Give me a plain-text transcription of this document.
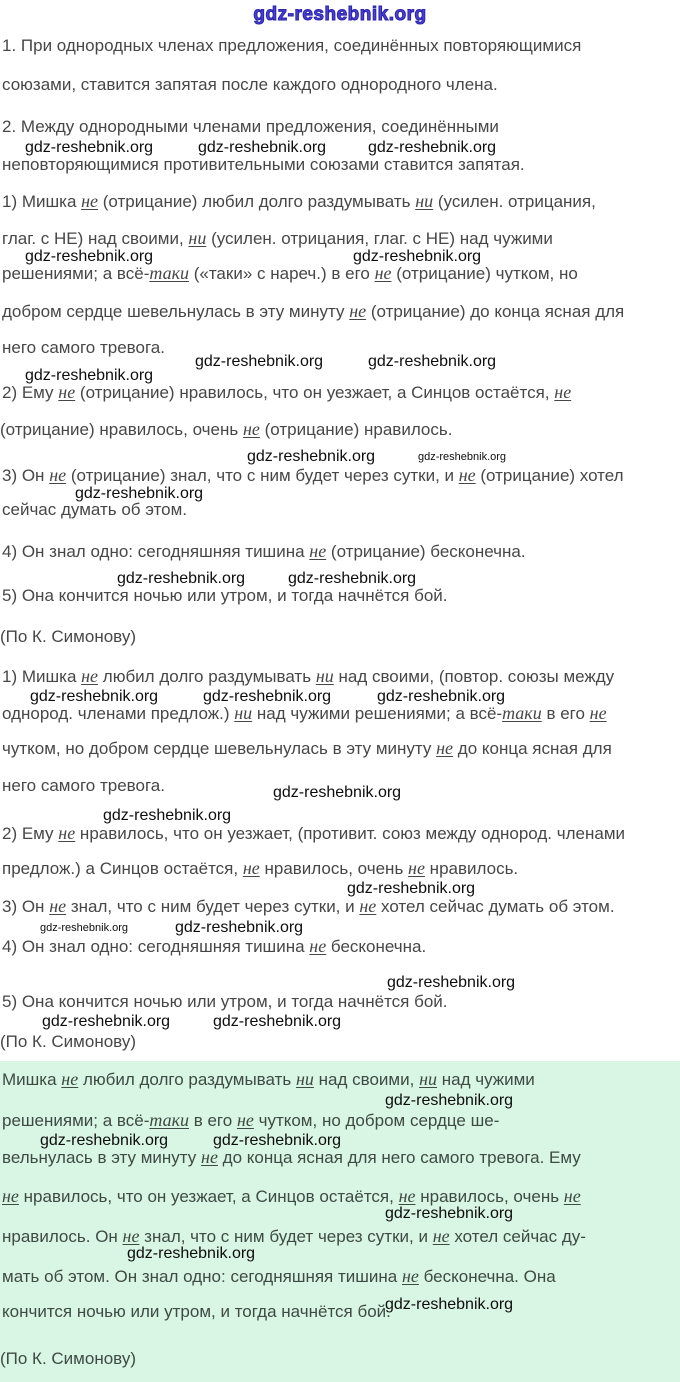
gdz-reshebnik.org
1. При однородных членах предложения, соединённых повторяющимися
союзами, ставится запятая после каждого однородного члена.
2. Между однородными членами предложения, соединёнными
gdz-reshebnik.org	gdz-reshebnik.org	gdz-reshebnik.org
неповторяющимися противительными союзами ставится запятая.
1) Мишка не (отрицание) любил долго раздумывать ни (усилен. отрицания,
глаг. с НЕ) над своими, ни (усилен. отрицания, глаг. с НЕ) над чужими
gdz-reshebnik.org	gdz-reshebnik.org
решениями; а всё-таки («таки» с нареч.) в его не (отрицание) чутком, но
добром сердце шевельнулась в эту минуту не (отрицание) до конца ясная для
него самого тревога.
gdz-reshebnik.org	gdz-reshebnik.org
gdz-reshebnik.org
2) Ему не (отрицание) нравилось, что он уезжает, а Синцов остаётся, не
(отрицание) нравилось, очень не (отрицание) нравилось.
gdz-reshebnik.org	gdz-reshebnik.org
3) Он не (отрицание) знал, что с ним будет через сутки, и не (отрицание) хотел
gdz-reshebnik.org
сейчас думать об этом.
4) Он знал одно: сегодняшняя тишина не (отрицание) бесконечна.
gdz-reshebnik.org	gdz-reshebnik.org
5) Она кончится ночью или утром, и тогда начнётся бой.
(По К. Симонову)
1) Мишка не любил долго раздумывать ни над своими, (повтор. союзы между
gdz-reshebnik.org	gdz-reshebnik.org	gdz-reshebnik.org
однород. членами предлож.) ни над чужими решениями; а всё-таки в его не
чутком, но добром сердце шевельнулась в эту минуту не до конца ясная для
него самого тревога.	gdz-reshebnik.org
gdz-reshebnik.org
2) Ему не нравилось, что он уезжает, (противит. союз между однород. членами
предлож.) а Синцов остаётся, не нравилось, очень не нравилось.
gdz-reshebnik.org
3) Он не знал, что с ним будет через сутки, и не хотел сейчас думать об этом.
gdz-reshebnik.org	gdz-reshebnik.org
4) Он знал одно: сегодняшняя тишина не бесконечна.
gdz-reshebnik.org
5) Она кончится ночью или утром, и тогда начнётся бой.
gdz-reshebnik.org	gdz-reshebnik.org
(По К. Симонову)
Мишка не любил долго раздумывать ни над своими, ни над чужими
gdz-reshebnik.org
решениями; а всё-таки в его не чутком, но добром сердце ше-
gdz-reshebnik.org	gdz-reshebnik.org
вельнулась в эту минуту не до конца ясная для него самого тревога. Ему
не нравилось, что он уезжает, а Синцов остаётся, не нравилось, очень не
gdz-reshebnik.org
нравилось. Он не знал, что с ним будет через сутки, и не хотел сейчас ду-
gdz-reshebnik.org
мать об этом. Он знал одно: сегодняшняя тишина не бесконечна. Она
gdz-reshebnik.org
кончится ночью или утром, и тогда начнётся бой.
(По К. Симонову)
